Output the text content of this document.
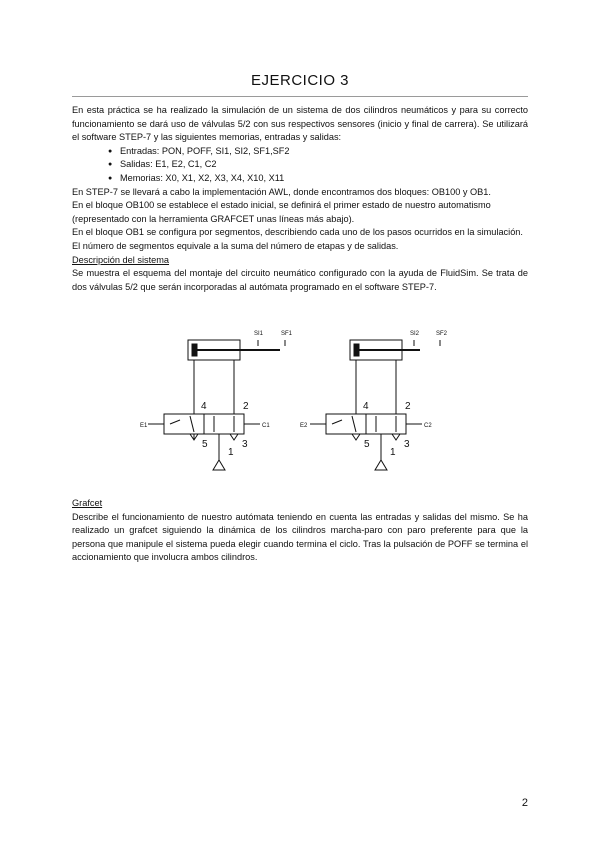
EJERCICIO 3

En esta práctica se ha realizado la simulación de un sistema de dos cilindros neumáticos y para su correcto funcionamiento se dará uso de válvulas 5/2 con sus respectivos sensores (inicio y final de carrera). Se utilizará el software STEP-7 y las siguientes memorias, entradas y salidas:

● Entradas: PON, POFF, SI1, SI2, SF1,SF2
● Salidas: E1, E2, C1, C2
● Memorias: X0, X1, X2, X3, X4, X10, X11

En STEP-7 se llevará a cabo la implementación AWL, donde encontramos dos bloques: OB100 y OB1.

En el bloque OB100 se establece el estado inicial, se definirá el primer estado de nuestro automatismo (representado con la herramienta GRAFCET unas líneas más abajo).

En el bloque OB1 se configura por segmentos, describiendo cada uno de los pasos ocurridos en la simulación. El número de segmentos equivale a la suma del número de etapas y de salidas.

Descripción del sistema

Se muestra el esquema del montaje del circuito neumático configurado con la ayuda de FluidSim. Se trata de dos válvulas 5/2 que serán incorporadas al autómata programado en el software STEP-7.

SI1	SF1
E1	C1
4	2
5	3
1
SI2	SF2
E2	C2
4	2
5	3
1

Grafcet

Describe el funcionamiento de nuestro autómata teniendo en cuenta las entradas y salidas del mismo. Se ha realizado un grafcet siguiendo la dinámica de los cilindros marcha-paro con paro preferente para que la persona que manipule el sistema pueda elegir cuando termina el ciclo. Tras la pulsación de POFF se termina el accionamiento que involucra ambos cilindros.

2
